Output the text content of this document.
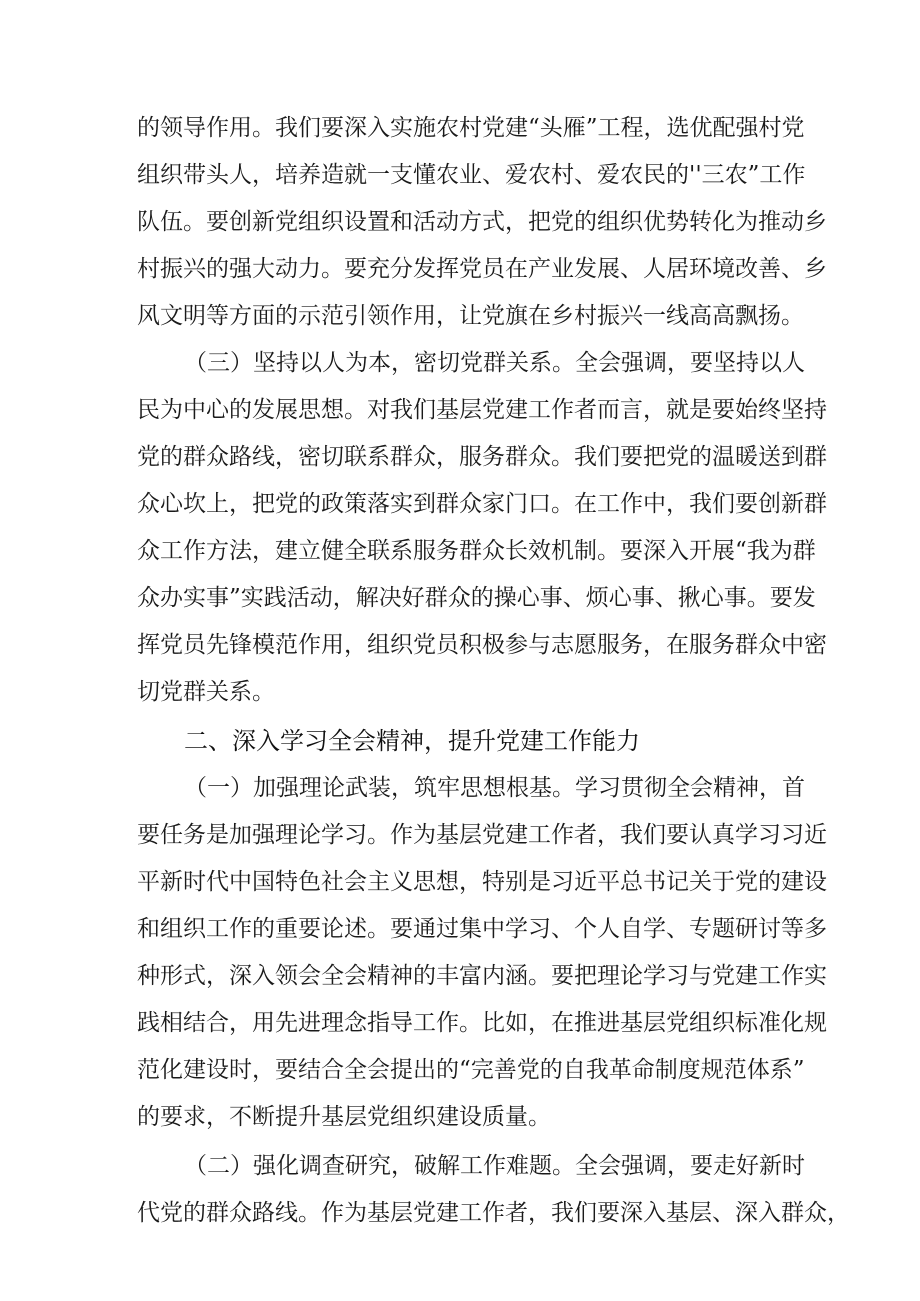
的领导作用。我们要深入实施农村党建“头雁”工程，选优配强村党
组织带头人，培养造就一支懂农业、爱农村、爱农民的''三农”工作
队伍。要创新党组织设置和活动方式，把党的组织优势转化为推动乡
村振兴的强大动力。要充分发挥党员在产业发展、人居环境改善、乡
风文明等方面的示范引领作用，让党旗在乡村振兴一线高高飘扬。
（三）坚持以人为本，密切党群关系。全会强调，要坚持以人
民为中心的发展思想。对我们基层党建工作者而言，就是要始终坚持
党的群众路线，密切联系群众，服务群众。我们要把党的温暖送到群
众心坎上，把党的政策落实到群众家门口。在工作中，我们要创新群
众工作方法，建立健全联系服务群众长效机制。要深入开展“我为群
众办实事”实践活动，解决好群众的操心事、烦心事、揪心事。要发
挥党员先锋模范作用，组织党员积极参与志愿服务，在服务群众中密
切党群关系。
二、深入学习全会精神，提升党建工作能力
（一）加强理论武装，筑牢思想根基。学习贯彻全会精神，首
要任务是加强理论学习。作为基层党建工作者，我们要认真学习习近
平新时代中国特色社会主义思想，特别是习近平总书记关于党的建设
和组织工作的重要论述。要通过集中学习、个人自学、专题研讨等多
种形式，深入领会全会精神的丰富内涵。要把理论学习与党建工作实
践相结合，用先进理念指导工作。比如，在推进基层党组织标准化规
范化建设时，要结合全会提出的“完善党的自我革命制度规范体系”
的要求，不断提升基层党组织建设质量。
（二）强化调查研究，破解工作难题。全会强调，要走好新时
代党的群众路线。作为基层党建工作者，我们要深入基层、深入群众，
